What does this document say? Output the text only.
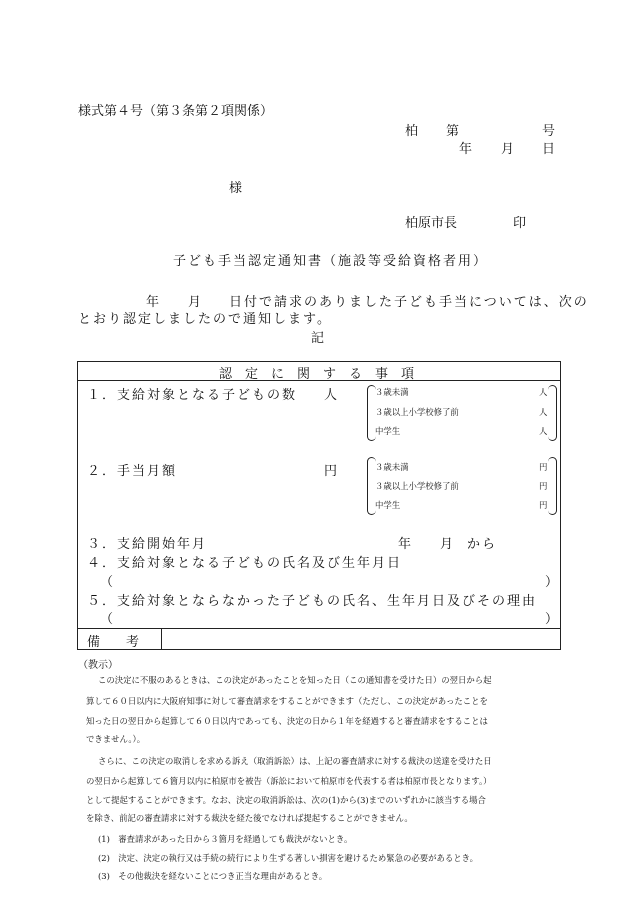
様式第４号（第３条第２項関係）
柏 第	号
年 月 日
様
柏原市長	印
子ども手当認定通知書（施設等受給資格者用）
年 月 日付で請求のありました子ども手当については、次の
とおり認定しましたので通知します。
記
認定に関する事項
１．支給対象となる子どもの数 人	３歳未満	人
３歳以上小学校修了前	人
中学生	人
２．手当月額	円	３歳未満	円
３歳以上小学校修了前	円
中学生	円
３．支給開始年月	年 月 から
４．支給対象となる子どもの氏名及び生年月日
（	）
５．支給対象とならなかった子どもの氏名、生年月日及びその理由
（	）
備　　考
（教示）
この決定に不服のあるときは、この決定があったことを知った日（この通知書を受けた日）の翌日から起
算して６０日以内に大阪府知事に対して審査請求をすることができます（ただし、この決定があったことを
知った日の翌日から起算して６０日以内であっても、決定の日から１年を経過すると審査請求をすることは
できません。）。
さらに、この決定の取消しを求める訴え（取消訴訟）は、上記の審査請求に対する裁決の送達を受けた日
の翌日から起算して６箇月以内に柏原市を被告（訴訟において柏原市を代表する者は柏原市長となります。）
として提起することができます。なお、決定の取消訴訟は、次の(1)から(3)までのいずれかに該当する場合
を除き、前記の審査請求に対する裁決を経た後でなければ提起することができません。
(1)　審査請求があった日から３箇月を経過しても裁決がないとき。
(2)　決定、決定の執行又は手続の続行により生ずる著しい損害を避けるため緊急の必要があるとき。
(3)　その他裁決を経ないことにつき正当な理由があるとき。
